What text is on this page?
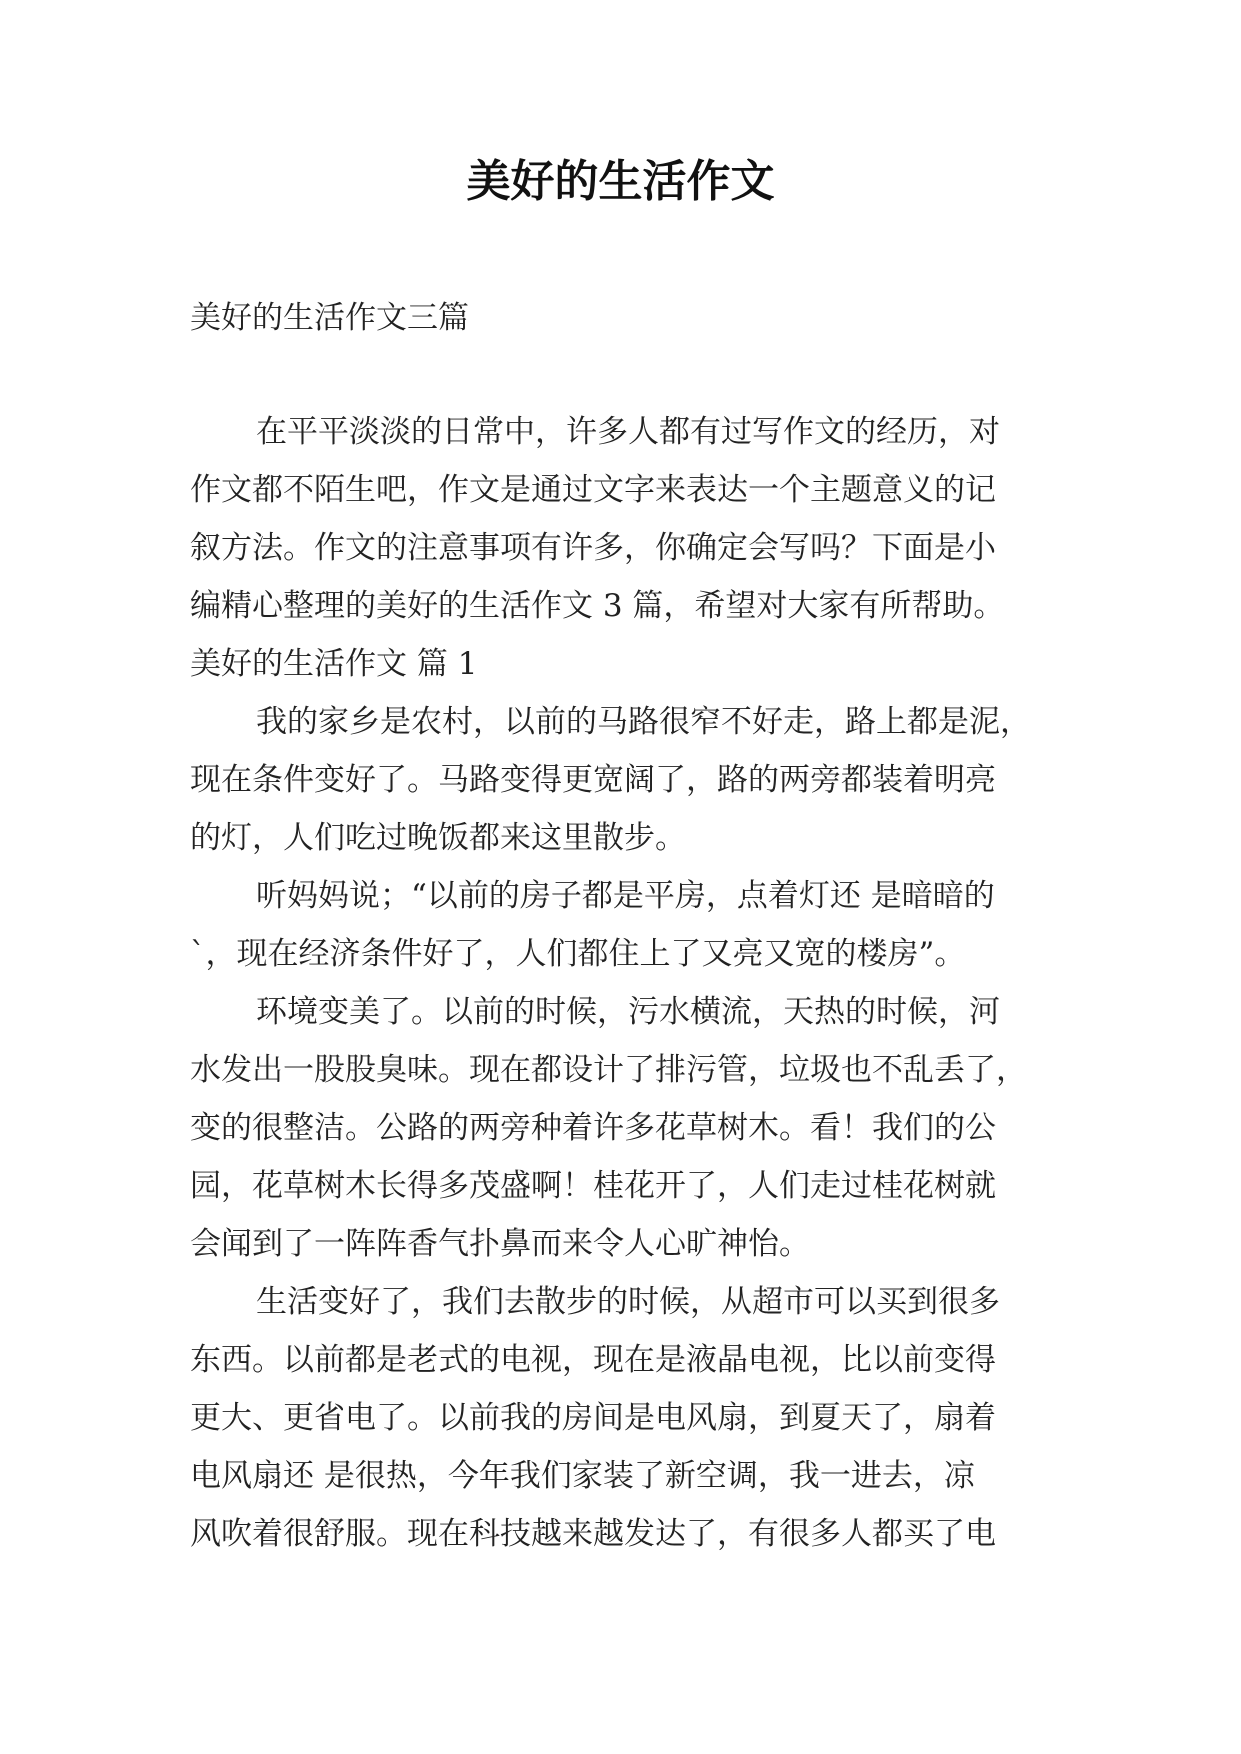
美好的生活作文

美好的生活作文三篇

在平平淡淡的日常中，许多人都有过写作文的经历，对

作文都不陌生吧，作文是通过文字来表达一个主题意义的记

叙方法。作文的注意事项有许多，你确定会写吗？下面是小

编精心整理的美好的生活作文 3 篇，希望对大家有所帮助。

美好的生活作文 篇 1

我的家乡是农村，以前的马路很窄不好走，路上都是泥，

现在条件变好了。马路变得更宽阔了，路的两旁都装着明亮

的灯，人们吃过晚饭都来这里散步。

听妈妈说；“以前的房子都是平房，点着灯还 是暗暗的

`，现在经济条件好了，人们都住上了又亮又宽的楼房”。

环境变美了。以前的时候，污水横流，天热的时候，河

水发出一股股臭味。现在都设计了排污管，垃圾也不乱丢了，

变的很整洁。公路的两旁种着许多花草树木。看！我们的公

园，花草树木长得多茂盛啊！桂花开了，人们走过桂花树就

会闻到了一阵阵香气扑鼻而来令人心旷神怡。

生活变好了，我们去散步的时候，从超市可以买到很多

东西。以前都是老式的电视，现在是液晶电视，比以前变得

更大、更省电了。以前我的房间是电风扇，到夏天了，扇着

电风扇还 是很热，今年我们家装了新空调，我一进去，凉

风吹着很舒服。现在科技越来越发达了，有很多人都买了电
